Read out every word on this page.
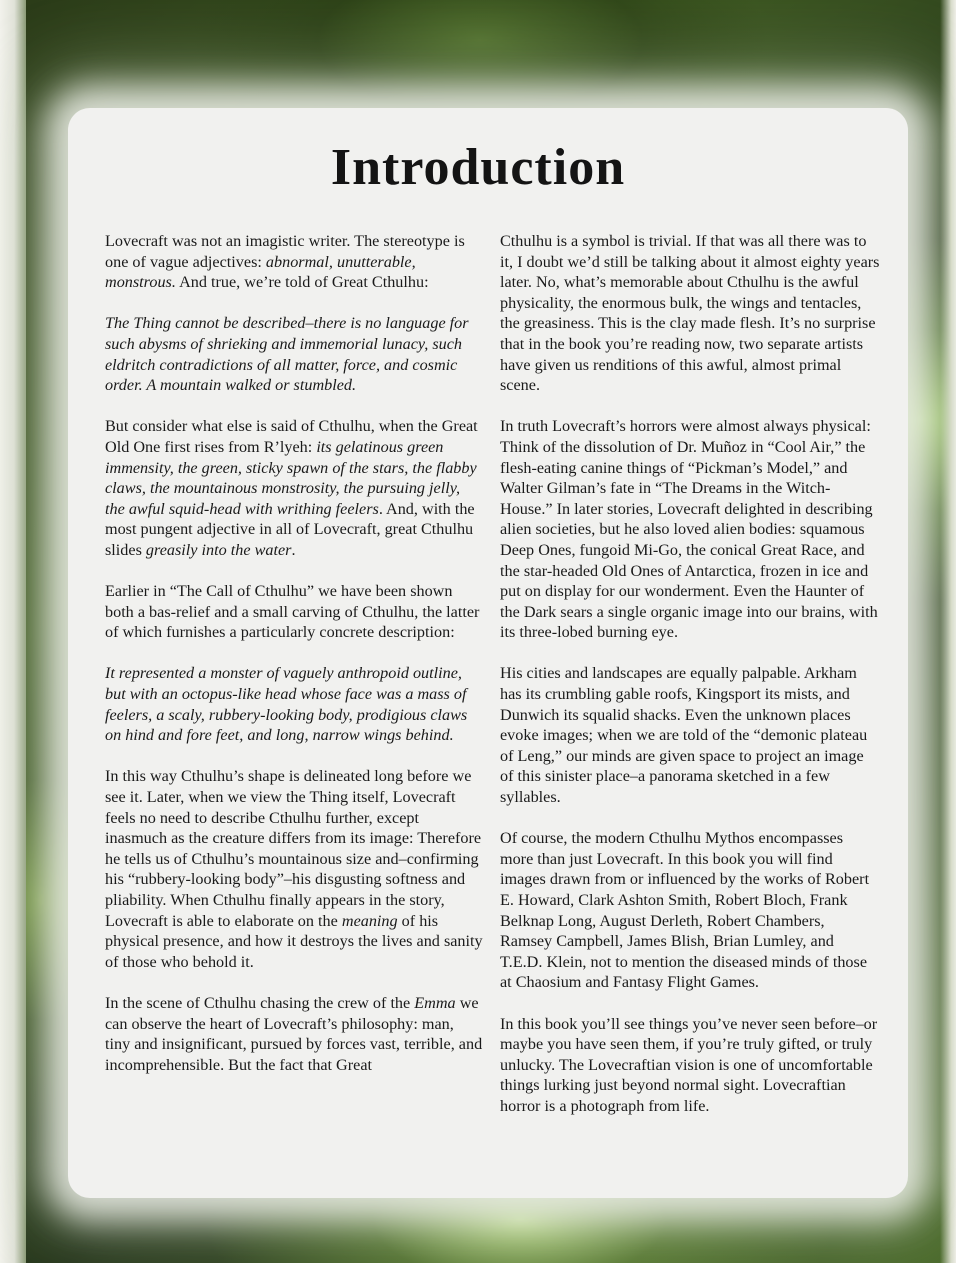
Introduction

Lovecraft was not an imagistic writer. The stereotype is one of vague adjectives: abnormal, unutterable, monstrous. And true, we’re told of Great Cthulhu:

The Thing cannot be described–there is no language for such abysms of shrieking and immemorial lunacy, such eldritch contradictions of all matter, force, and cosmic order. A mountain walked or stumbled.

But consider what else is said of Cthulhu, when the Great Old One first rises from R’lyeh: its gelatinous green immensity, the green, sticky spawn of the stars, the flabby claws, the mountainous monstrosity, the pursuing jelly, the awful squid-head with writhing feelers. And, with the most pungent adjective in all of Lovecraft, great Cthulhu slides greasily into the water.

Earlier in “The Call of Cthulhu” we have been shown both a bas-relief and a small carving of Cthulhu, the latter of which furnishes a particularly concrete description:

It represented a monster of vaguely anthropoid outline, but with an octopus-like head whose face was a mass of feelers, a scaly, rubbery-looking body, prodigious claws on hind and fore feet, and long, narrow wings behind.

In this way Cthulhu’s shape is delineated long before we see it. Later, when we view the Thing itself, Lovecraft feels no need to describe Cthulhu further, except inasmuch as the creature differs from its image: Therefore he tells us of Cthulhu’s mountainous size and–confirming his “rubbery-looking body”–his disgusting softness and pliability. When Cthulhu finally appears in the story, Lovecraft is able to elaborate on the meaning of his physical presence, and how it destroys the lives and sanity of those who behold it.

In the scene of Cthulhu chasing the crew of the Emma we can observe the heart of Lovecraft’s philosophy: man, tiny and insignificant, pursued by forces vast, terrible, and incomprehensible. But the fact that Great

Cthulhu is a symbol is trivial. If that was all there was to it, I doubt we’d still be talking about it almost eighty years later. No, what’s memorable about Cthulhu is the awful physicality, the enormous bulk, the wings and tentacles, the greasiness. This is the clay made flesh. It’s no surprise that in the book you’re reading now, two separate artists have given us renditions of this awful, almost primal scene.

In truth Lovecraft’s horrors were almost always physical: Think of the dissolution of Dr. Muñoz in “Cool Air,” the flesh-eating canine things of “Pickman’s Model,” and Walter Gilman’s fate in “The Dreams in the Witch-House.” In later stories, Lovecraft delighted in describing alien societies, but he also loved alien bodies: squamous Deep Ones, fungoid Mi-Go, the conical Great Race, and the star-headed Old Ones of Antarctica, frozen in ice and put on display for our wonderment. Even the Haunter of the Dark sears a single organic image into our brains, with its three-lobed burning eye.

His cities and landscapes are equally palpable. Arkham has its crumbling gable roofs, Kingsport its mists, and Dunwich its squalid shacks. Even the unknown places evoke images; when we are told of the “demonic plateau of Leng,” our minds are given space to project an image of this sinister place–a panorama sketched in a few syllables.

Of course, the modern Cthulhu Mythos encompasses more than just Lovecraft. In this book you will find images drawn from or influenced by the works of Robert E. Howard, Clark Ashton Smith, Robert Bloch, Frank Belknap Long, August Derleth, Robert Chambers, Ramsey Campbell, James Blish, Brian Lumley, and T.E.D. Klein, not to mention the diseased minds of those at Chaosium and Fantasy Flight Games.

In this book you’ll see things you’ve never seen before–or maybe you have seen them, if you’re truly gifted, or truly unlucky. The Lovecraftian vision is one of uncomfortable things lurking just beyond normal sight. Lovecraftian horror is a photograph from life.
